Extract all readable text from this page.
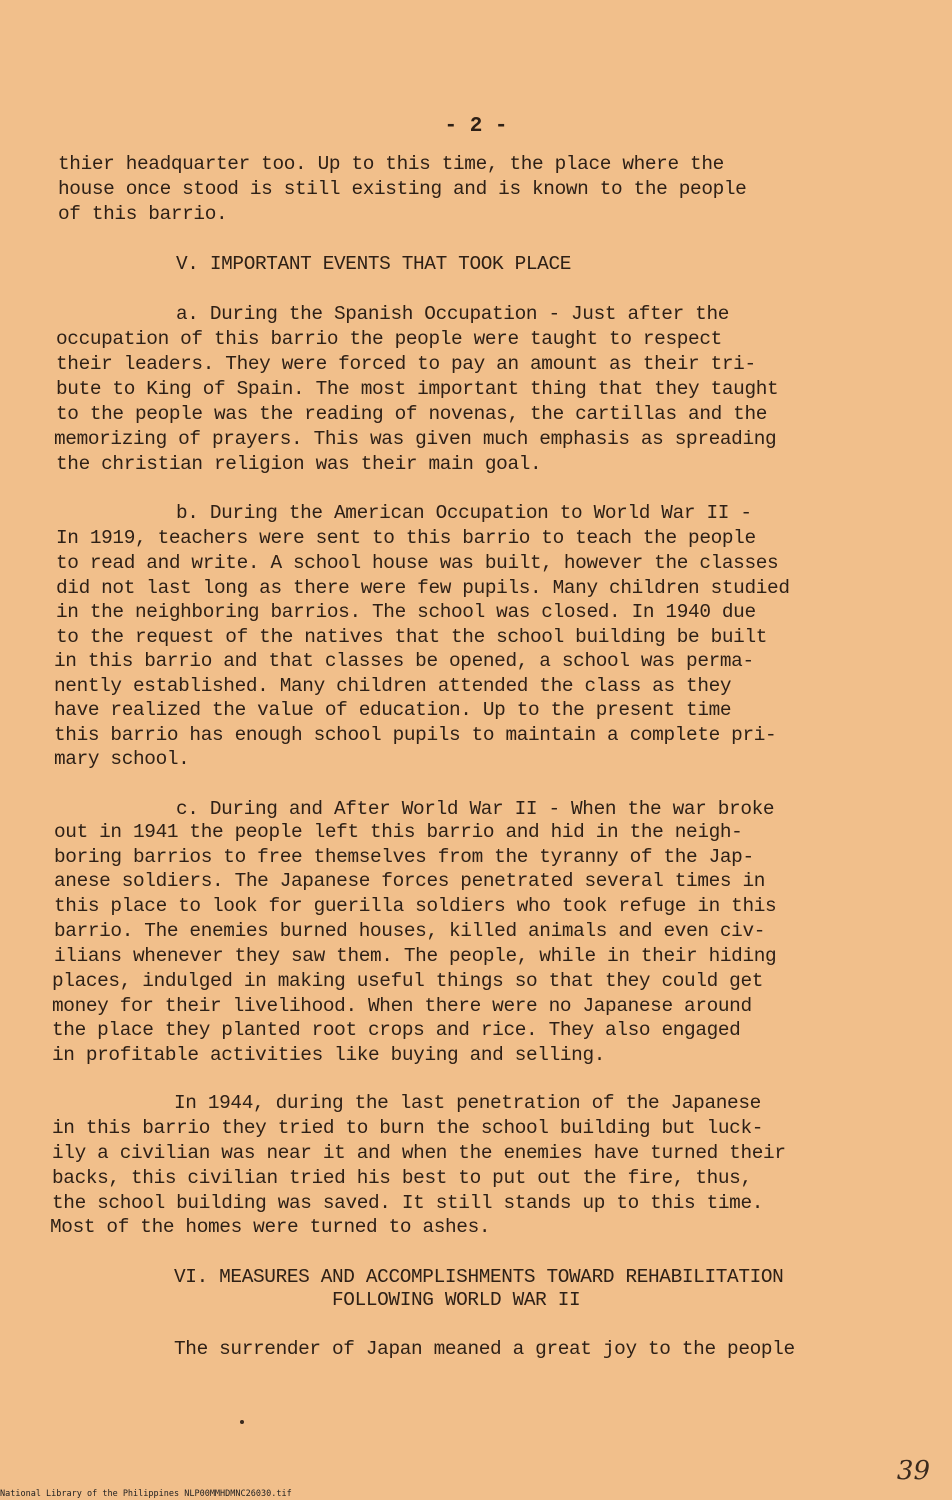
- 2 -
thier headquarter too. Up to this time, the place where the
house once stood is still existing and is known to the people
of this barrio.
V. IMPORTANT EVENTS THAT TOOK PLACE
a. During the Spanish Occupation - Just after the
occupation of this barrio the people were taught to respect
their leaders. They were forced to pay an amount as their tri-
bute to King of Spain. The most important thing that they taught
to the people was the reading of novenas, the cartillas and the
memorizing of prayers. This was given much emphasis as spreading
the christian religion was their main goal.
b. During the American Occupation to World War II -
In 1919, teachers were sent to this barrio to teach the people
to read and write. A school house was built, however the classes
did not last long as there were few pupils. Many children studied
in the neighboring barrios. The school was closed. In 1940 due
to the request of the natives that the school building be built
in this barrio and that classes be opened, a school was perma-
nently established. Many children attended the class as they
have realized the value of education. Up to the present time
this barrio has enough school pupils to maintain a complete pri-
mary school.
c. During and After World War II - When the war broke
out in 1941 the people left this barrio and hid in the neigh-
boring barrios to free themselves from the tyranny of the Jap-
anese soldiers. The Japanese forces penetrated several times in
this place to look for guerilla soldiers who took refuge in this
barrio. The enemies burned houses, killed animals and even civ-
ilians whenever they saw them. The people, while in their hiding
places, indulged in making useful things so that they could get
money for their livelihood. When there were no Japanese around
the place they planted root crops and rice. They also engaged
in profitable activities like buying and selling.
In 1944, during the last penetration of the Japanese
in this barrio they tried to burn the school building but luck-
ily a civilian was near it and when the enemies have turned their
backs, this civilian tried his best to put out the fire, thus,
the school building was saved. It still stands up to this time.
Most of the homes were turned to ashes.
VI. MEASURES AND ACCOMPLISHMENTS TOWARD REHABILITATION
FOLLOWING WORLD WAR II
The surrender of Japan meaned a great joy to the people
39
National Library of the Philippines NLP00MMHDMNC26030.tif
